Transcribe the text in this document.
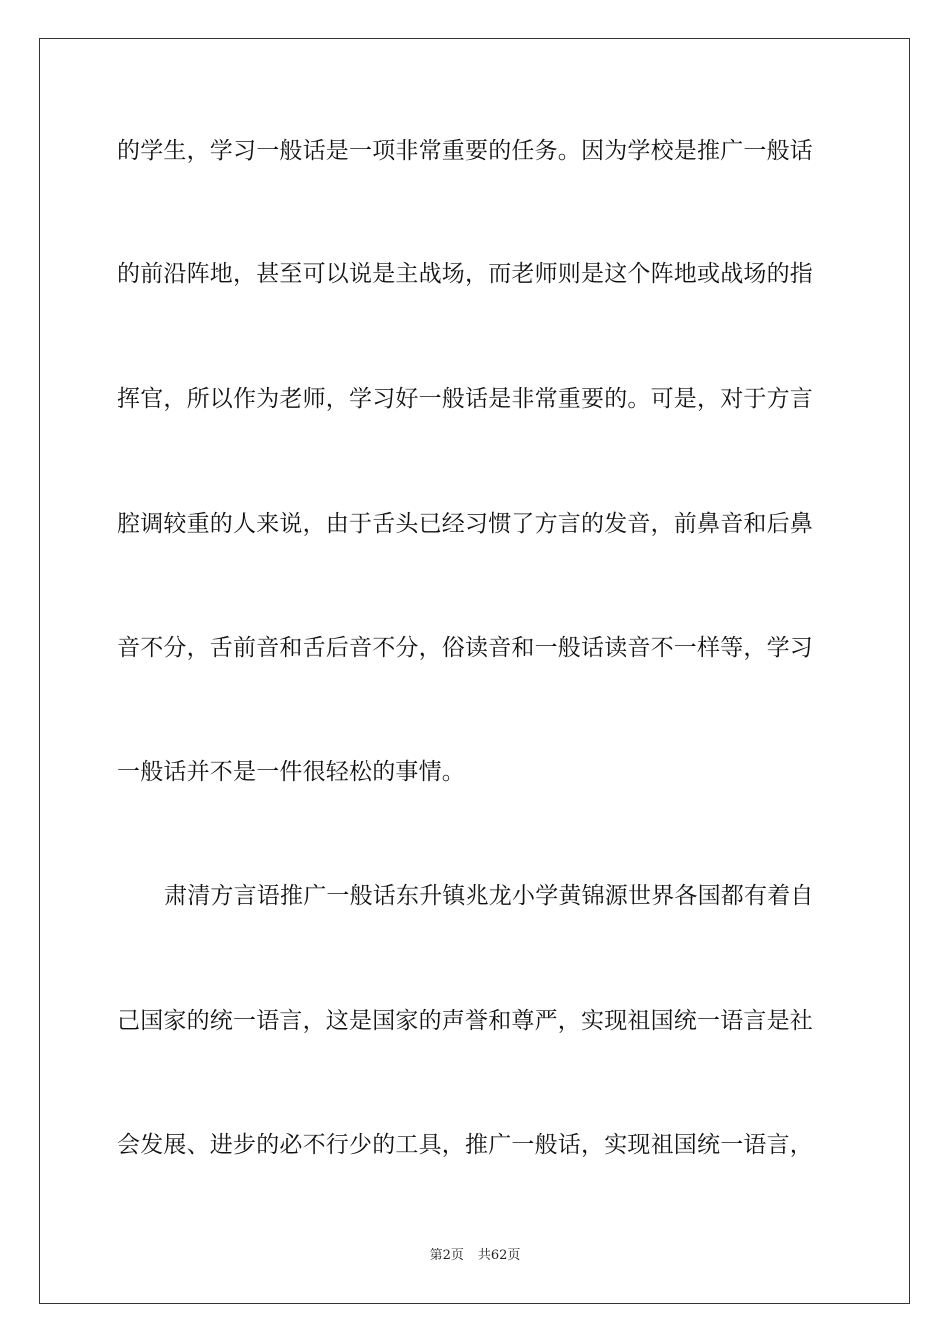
的学生，学习一般话是一项非常重要的任务。因为学校是推广一般话
的前沿阵地，甚至可以说是主战场，而老师则是这个阵地或战场的指
挥官，所以作为老师，学习好一般话是非常重要的。可是，对于方言
腔调较重的人来说，由于舌头已经习惯了方言的发音，前鼻音和后鼻
音不分，舌前音和舌后音不分，俗读音和一般话读音不一样等，学习
一般话并不是一件很轻松的事情。
肃清方言语推广一般话东升镇兆龙小学黄锦源世界各国都有着自
己国家的统一语言，这是国家的声誉和尊严，实现祖国统一语言是社
会发展、进步的必不行少的工具，推广一般话，实现祖国统一语言，
第2页 共62页
